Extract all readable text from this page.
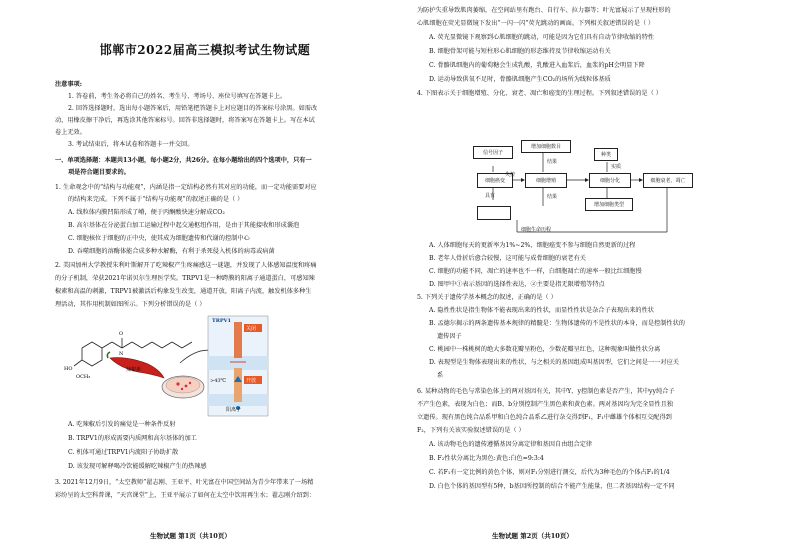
邯郸市2022届高三模拟考试生物试题
注意事项:
1. 答卷前，考生务必将自己的姓名、考生号、考场号、座位号填写在答题卡上。
2. 回答选择题时，选出每小题答案后，用铅笔把答题卡上对应题目的答案标号涂黑。如需改
动，用橡皮擦干净后，再选涂其他答案标号。回答非选择题时，将答案写在答题卡上。写在本试
卷上无效。
3. 考试结束后，将本试卷和答题卡一并交回。
一、单项选择题：本题共13小题，每小题2分，共26分。在每小题给出的四个选项中，只有一
项是符合题目要求的。
1. 生命观念中的“结构与功能观”，内涵是指一定结构必然有其对应的功能，而一定功能需要对应
的结构来完成。下列不属于“结构与功能观”的叙述正确的是（ ）
A. 线粒体内膜凹陷形成了嵴，便于丙酮酸快速分解成CO₂
B. 高尔基体在分泌蛋白加工运输过程中起交通枢纽作用，是由于其能接收和形成囊泡
C. 细胞核位于细胞的正中央，使其成为细胞遗传和代谢的控制中心
D. 吞噬细胞的溶酶体能合成多种水解酶，有利于杀死侵入机体的病毒或病菌
2. 美国加州大学教授朱利叶斯解开了吃辣椒产生疼痛感这一谜题，并发现了人体感知温度和疼痛
的分子机制，荣获2021年诺贝尔生理医学奖。TRPV1是一种跨膜的阳离子通道蛋白，可感知辣
椒素和高温的刺激，TRPV1被激活后构象发生改变，通道开放，阳离子内流，触发机体多种生
理活动，其作用机制如图所示。下列分析错误的是（ ）
HO
OCH₃
N
O
辣椒素
TRPV1
关闭
>43℃	开放
阳离子
A. 吃辣椒后引发的痛觉是一种条件反射
B. TRPV1的形成需要内质网和高尔基体的加工
C. 机体可通过TRPV1内流阳子协助扩散
D. 该发现可解释喝冷饮能缓解吃辣椒产生的热辣感
3. 2021年12月9日，“太空教师”翟志刚、王亚平、叶光富在中国空间站为青少年带来了一场精
彩纷呈的太空科普课，“天宫课堂”上，王亚平展示了如何在太空中饮用再生水；翟志刚介绍到：
生物试题 第1页（共10页）
为防护失重导致肌肉萎缩，在空间站里有跑台、自行车、拉力器等；叶光富展示了呈现柱形的
心肌细胞在荧光显微镜下发出“一闪一闪”荧光跳动的画面。下列相关叙述错误的是（ ）
A. 荧光显微镜下观察到心肌细胞的跳动，可能是因为它们具有自动节律收缩的特性
B. 细胞骨架可能与短柱形心肌细胞的形态维持及节律收缩运动有关
C. 骨骼肌细胞内的葡萄糖会生成乳酸，乳酸进入血浆后，血浆的pH会明显下降
D. 运动导致供氧不足时，骨骼肌细胞产生CO₂的场所为线粒体基质
4. 下图表示关于细胞增殖、分化、衰老、凋亡和癌变的生理过程。下列叙述错误的是（ ）
信号因子
增加细胞数目
结果
种类
实质
细胞癌变
失控
细胞增殖	细胞分化	细胞衰老、凋亡
具有	结果
增加细胞类型
细胞生命历程
A. 人体细胞每天的更新率为1%~2%，细胞癌变不参与细胞自然更新的过程
B. 老年人骨折后愈合较慢，这可能与成骨细胞的衰老有关
C. 细胞的功能不同，凋亡的速率也不一样，白细胞凋亡的速率一般比红细胞慢
D. 图甲中①表示基因的选择性表达，②主要是指无限增殖等特点
5. 下列关于遗传学基本概念的叙述，正确的是（ ）
A. 隐性性状是指生物体不能表现出来的性状，而显性性状是杂合子表现出来的性状
B. 孟德尔揭示的两条遗传基本规律的精髓是：生物体遗传的不是性状的本身，而是控制性状的
遗传因子
C. 桃园中一株桃树的绝大多数花瓣呈粉色，少数花瓣呈红色，这种现象叫做性状分离
D. 表现型是生物体表现出来的性状，与之相关的基因组成叫基因型，它们之间是一一对应关
系
6. 某种动物的毛色与常染色体上的两对基因有关，其中Y、y控制色素是否产生，其中yy纯合子
不产生色素，表现为白色；而B、b分别控制产生黑色素和黄色素。两对基因均为完全显性且独
立遗传。现有黑色纯合品系甲和白色纯合品系乙进行杂交得到F₁，F₁中雌雄个体相互交配得到
F₂，下列有关该实验叙述错误的是（ ）
A. 该动物毛色的遗传遵循基因分离定律和基因自由组合定律
B. F₂性状分离比为黑色:黄色:白色=9:3:4
C. 若F₁有一定比例的黄色个体，则对F₁分别进行测交，后代为3种毛色的个体占F₁的1/4
D. 白色个体的基因型有5种，b基因所控制的结合不能产生能量，但二者基因结构一定不同
生物试题 第2页（共10页）
